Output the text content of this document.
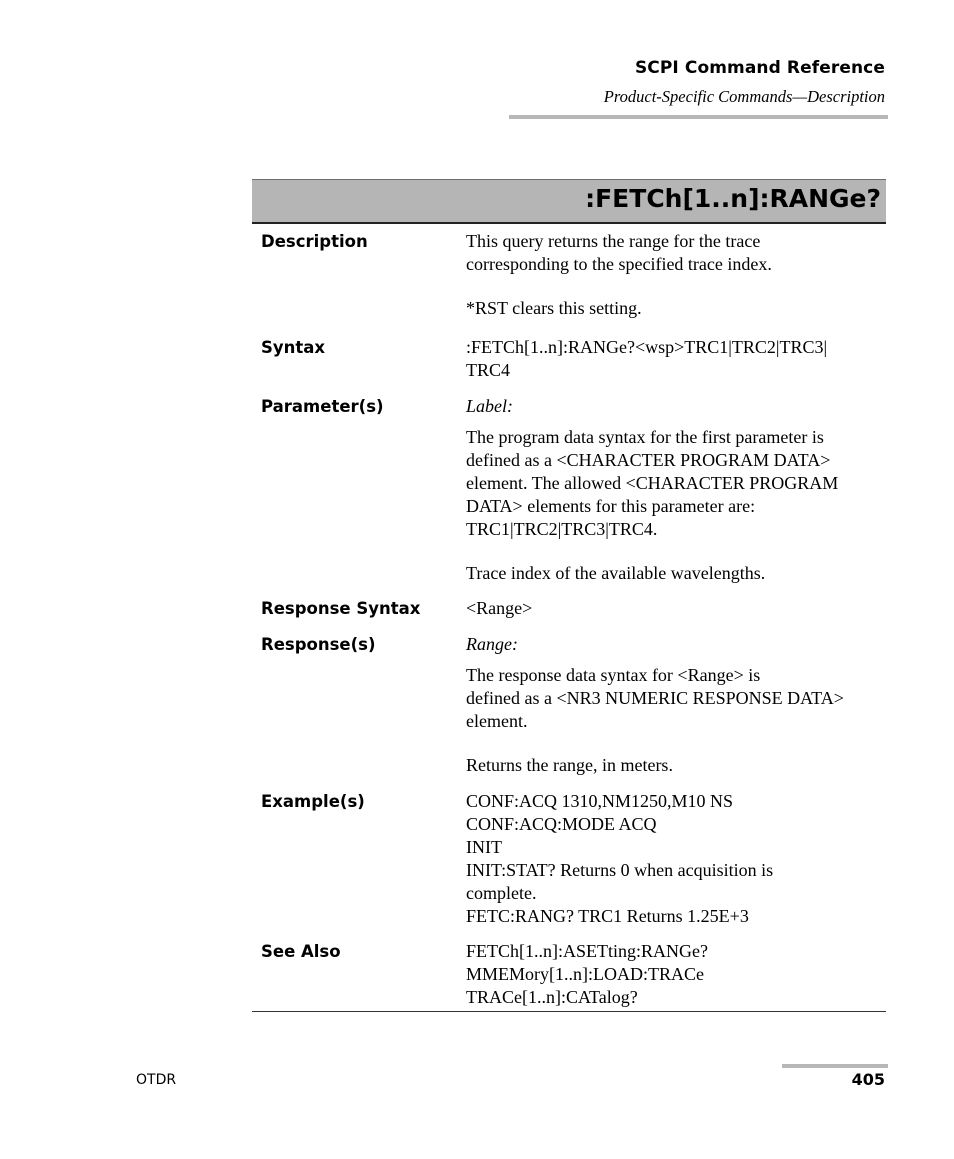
SCPI Command Reference
Product-Specific Commands—Description
:FETCh[1..n]:RANGe?
Description	This query returns the range for the trace

corresponding to the specified trace index.

*RST clears this setting.

Syntax	:FETCh[1..n]:RANGe?<wsp>TRC1|TRC2|TRC3|

TRC4

Parameter(s)	Label:

The program data syntax for the first parameter is

defined as a <CHARACTER PROGRAM DATA>

element. The allowed <CHARACTER PROGRAM

DATA> elements for this parameter are:

TRC1|TRC2|TRC3|TRC4.

Trace index of the available wavelengths.

Response Syntax	<Range>

Response(s)	Range:

The response data syntax for <Range> is

defined as a <NR3 NUMERIC RESPONSE DATA>

element.

Returns the range, in meters.

Example(s)	CONF:ACQ 1310,NM1250,M10 NS

CONF:ACQ:MODE ACQ

INIT

INIT:STAT? Returns 0 when acquisition is

complete.

FETC:RANG? TRC1 Returns 1.25E+3

See Also	FETCh[1..n]:ASETting:RANGe?

MMEMory[1..n]:LOAD:TRACe

TRACe[1..n]:CATalog?

OTDR	405
